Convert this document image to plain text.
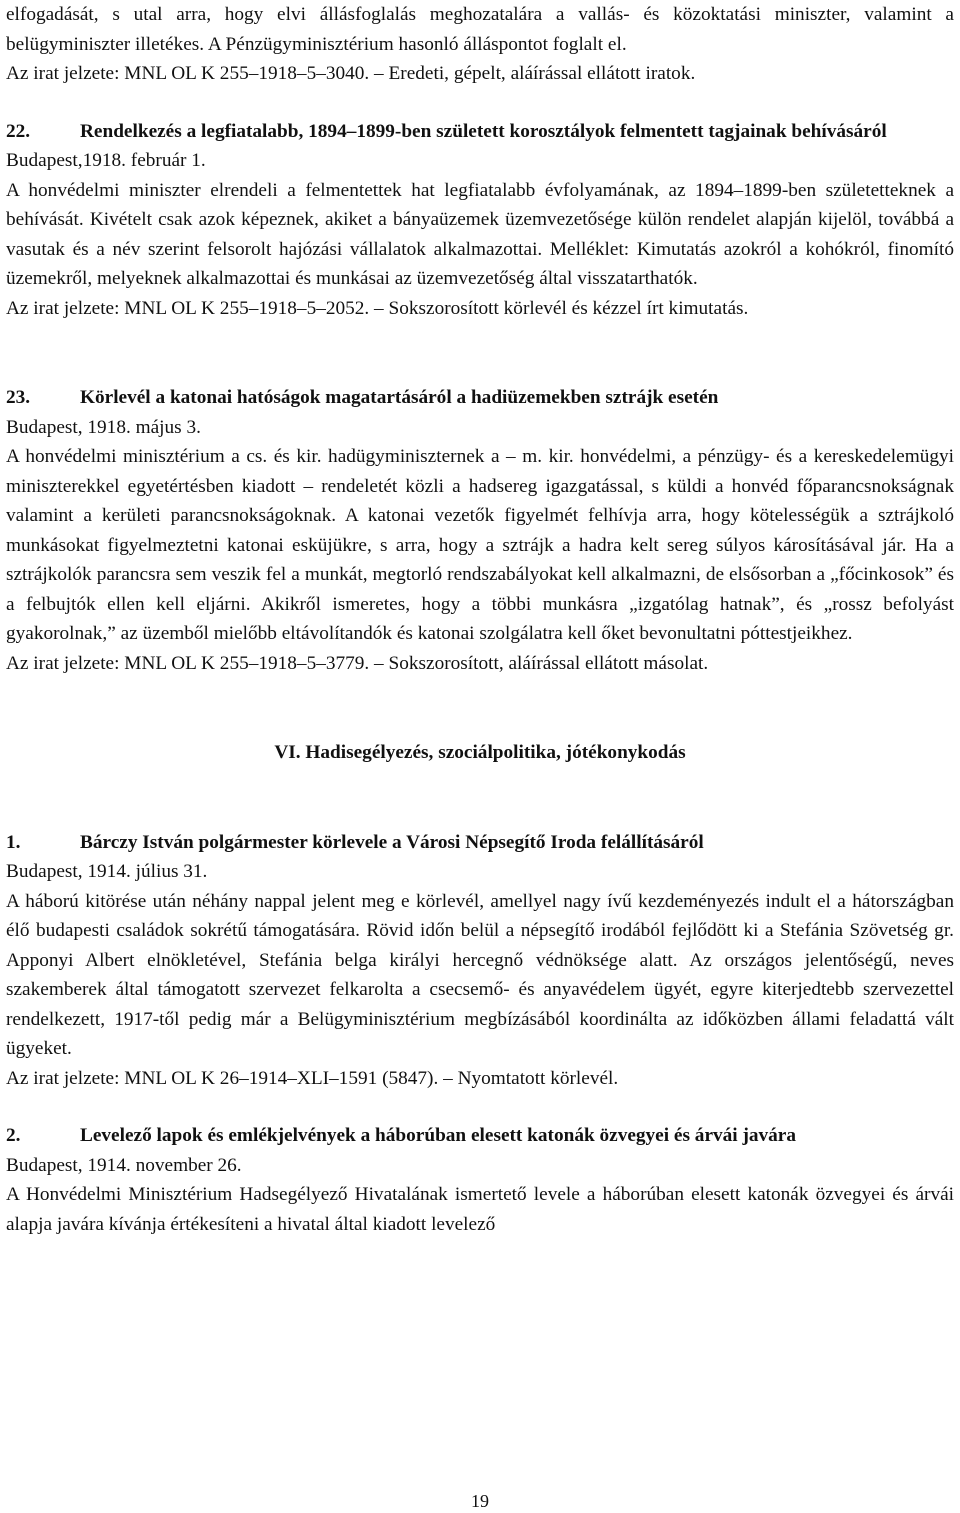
elfogadását, s utal arra, hogy elvi állásfoglalás meghozatalára a vallás- és közoktatási miniszter, valamint a belügyminiszter illetékes. A Pénzügyminisztérium hasonló álláspontot foglalt el.

Az irat jelzete: MNL OL K 255–1918–5–3040. – Eredeti, gépelt, aláírással ellátott iratok.

22.	Rendelkezés a legfiatalabb, 1894–1899-ben született korosztályok felmentett tagjainak behívásáról

Budapest,1918. február 1.

A honvédelmi miniszter elrendeli a felmentettek hat legfiatalabb évfolyamának, az 1894–1899-ben születetteknek a behívását. Kivételt csak azok képeznek, akiket a bányaüzemek üzemvezetősége külön rendelet alapján kijelöl, továbbá a vasutak és a név szerint felsorolt hajózási vállalatok alkalmazottai. Melléklet: Kimutatás azokról a kohókról, finomító üzemekről, melyeknek alkalmazottai és munkásai az üzemvezetőség által visszatarthatók.

Az irat jelzete: MNL OL K 255–1918–5–2052. – Sokszorosított körlevél és kézzel írt kimutatás.

23.	Körlevél a katonai hatóságok magatartásáról a hadiüzemekben sztrájk esetén

Budapest, 1918. május 3.

A honvédelmi minisztérium a cs. és kir. hadügyminiszternek a – m. kir. honvédelmi, a pénzügy- és a kereskedelemügyi miniszterekkel egyetértésben kiadott – rendeletét közli a hadsereg igazgatással, s küldi a honvéd főparancsnokságnak valamint a kerületi parancsnokságoknak. A katonai vezetők figyelmét felhívja arra, hogy kötelességük a sztrájkoló munkásokat figyelmeztetni katonai esküjükre, s arra, hogy a sztrájk a hadra kelt sereg súlyos károsításával jár. Ha a sztrájkolók parancsra sem veszik fel a munkát, megtorló rendszabályokat kell alkalmazni, de elsősorban a „főcinkosok” és a felbujtók ellen kell eljárni. Akikről ismeretes, hogy a többi munkásra „izgatólag hatnak”, és „rossz befolyást gyakorolnak,” az üzemből mielőbb eltávolítandók és katonai szolgálatra kell őket bevonultatni póttestjeikhez.

Az irat jelzete: MNL OL K 255–1918–5–3779. – Sokszorosított, aláírással ellátott másolat.

VI. Hadisegélyezés, szociálpolitika, jótékonykodás

1.	Bárczy István polgármester körlevele a Városi Népsegítő Iroda felállításáról

Budapest, 1914. július 31.

A háború kitörése után néhány nappal jelent meg e körlevél, amellyel nagy ívű kezdeményezés indult el a hátországban élő budapesti családok sokrétű támogatására. Rövid időn belül a népsegítő irodából fejlődött ki a Stefánia Szövetség gr. Apponyi Albert elnökletével, Stefánia belga királyi hercegnő védnöksége alatt. Az országos jelentőségű, neves szakemberek által támogatott szervezet felkarolta a csecsemő- és anyavédelem ügyét, egyre kiterjedtebb szervezettel rendelkezett, 1917-től pedig már a Belügyminisztérium megbízásából koordinálta az időközben állami feladattá vált ügyeket.

Az irat jelzete: MNL OL K 26–1914–XLI–1591 (5847). – Nyomtatott körlevél.

2.	Levelező lapok és emlékjelvények a háborúban elesett katonák özvegyei és árvái javára

Budapest, 1914. november 26.

A Honvédelmi Minisztérium Hadsegélyező Hivatalának ismertető levele a háborúban elesett katonák özvegyei és árvái alapja javára kívánja értékesíteni a hivatal által kiadott levelező

19
